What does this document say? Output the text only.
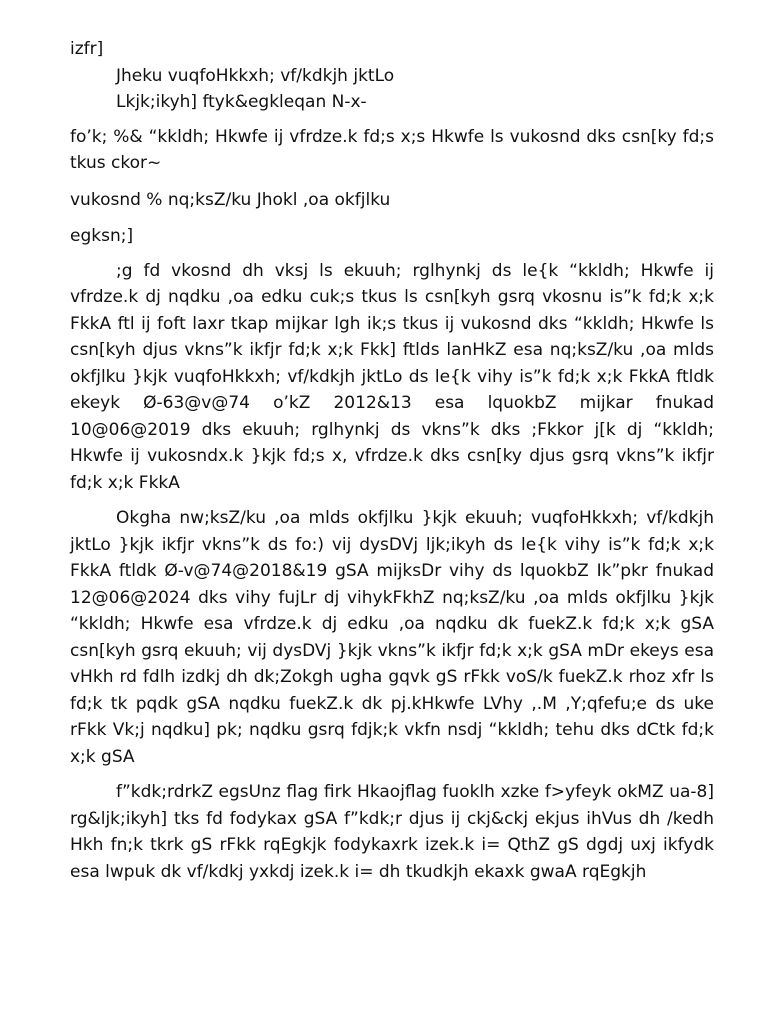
izfr]
Jheku vuqfoHkkxh; vf/kdkjh jktLo
Lkjk;ikyh] ftyk&egkleqan N-x-

fo’k; %& “kkldh; Hkwfe ij vfrdze.k fd;s x;s Hkwfe ls vukosnd dks csn[ky fd;s tkus ckor~

vukosnd % nq;ksZ/ku Jhokl ,oa okfjlku

egksn;]

;g fd vkosnd dh vksj ls ekuuh; rglhynkj ds le{k “kkldh; Hkwfe ij vfrdze.k dj nqdku ,oa edku cuk;s tkus ls csn[kyh gsrq vkosnu is”k fd;k x;k FkkA ftl ij foft laxr tkap mijkar lgh ik;s tkus ij vukosnd dks “kkldh; Hkwfe ls csn[kyh djus vkns”k ikfjr fd;k x;k Fkk] ftlds lanHkZ esa nq;ksZ/ku ,oa mlds okfjlku }kjk vuqfoHkkxh; vf/kdkjh jktLo ds le{k vihy is”k fd;k x;k FkkA ftldk ekeyk Ø-63@v@74 o’kZ 2012&13 esa lquokbZ mijkar fnukad 10@06@2019 dks ekuuh; rglhynkj ds vkns”k dks ;Fkkor j[k dj “kkldh; Hkwfe ij vukosndx.k }kjk fd;s x, vfrdze.k dks csn[ky djus gsrq vkns”k ikfjr fd;k x;k FkkA

Okgha nw;ksZ/ku ,oa mlds okfjlku }kjk ekuuh; vuqfoHkkxh; vf/kdkjh jktLo }kjk ikfjr vkns”k ds fo:) vij dysDVj ljk;ikyh ds le{k vihy is”k fd;k x;k FkkA ftldk Ø-v@74@2018&19 gSA mijksDr vihy ds lquokbZ Ik”pkr fnukad 12@06@2024 dks vihy fujLr dj vihykFkhZ nq;ksZ/ku ,oa mlds okfjlku }kjk “kkldh; Hkwfe esa vfrdze.k dj edku ,oa nqdku dk fuekZ.k fd;k x;k gSA csn[kyh gsrq ekuuh; vij dysDVj }kjk vkns”k ikfjr fd;k x;k gSA mDr ekeys esa vHkh rd fdlh izdkj dh dk;Zokgh ugha gqvk gS rFkk voS/k fuekZ.k rhoz xfr ls fd;k tk pqdk gSA nqdku fuekZ.k dk pj.kHkwfe LVhy ,.M ,Y;qfefu;e ds uke rFkk Vk;j nqdku] pk; nqdku gsrq fdjk;k vkfn nsdj “kkldh; tehu dks dCtk fd;k x;k gSA

f”kdk;rdrkZ egsUnz flag firk Hkaojflag fuoklh xzke f>yfeyk okMZ ua-8] rg&ljk;ikyh] tks fd fodykax gSA f”kdk;r djus ij ckj&ckj ekjus ihVus dh /kedh Hkh fn;k tkrk gS rFkk rqEgkjk fodykaxrk izek.k i= QthZ gS dgdj uxj ikfydk esa lwpuk dk vf/kdkj yxkdj izek.k i= dh tkudkjh ekaxk gwaA rqEgkjh
